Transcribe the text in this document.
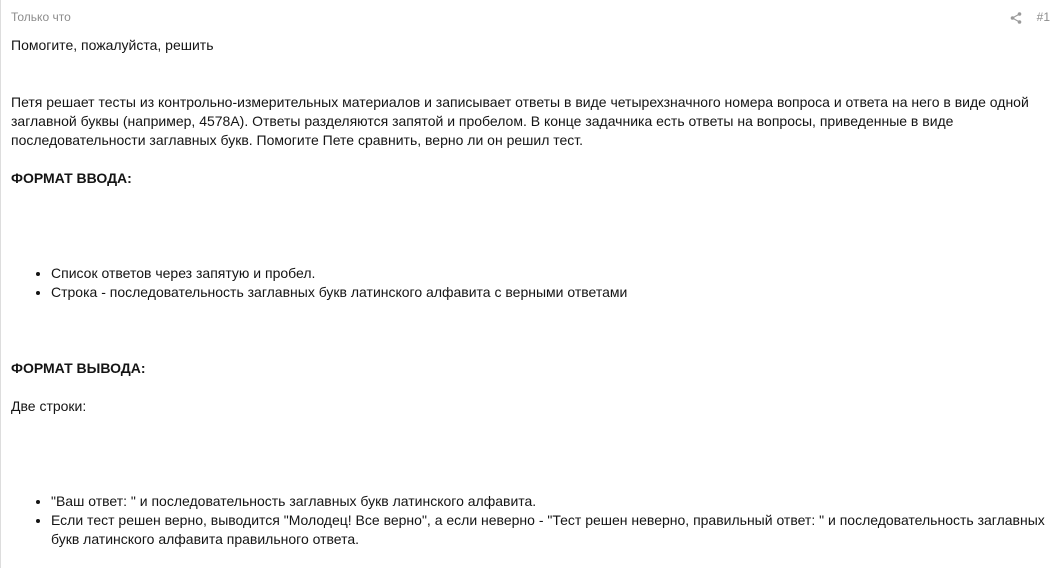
Только что	#1

Помогите, пожалуйста, решить

Петя решает тесты из контрольно-измерительных материалов и записывает ответы в виде четырехзначного номера вопроса и ответа на него в виде одной заглавной буквы (например, 4578A). Ответы разделяются запятой и пробелом. В конце задачника есть ответы на вопросы, приведенные в виде последовательности заглавных букв. Помогите Пете сравнить, верно ли он решил тест.

ФОРМАТ ВВОДА:

• Список ответов через запятую и пробел.
• Строка - последовательность заглавных букв латинского алфавита с верными ответами

ФОРМАТ ВЫВОДА:

Две строки:

• "Ваш ответ: " и последовательность заглавных букв латинского алфавита.
• Если тест решен верно, выводится "Молодец! Все верно", а если неверно - "Тест решен неверно, правильный ответ: " и последовательность заглавных букв латинского алфавита правильного ответа.
